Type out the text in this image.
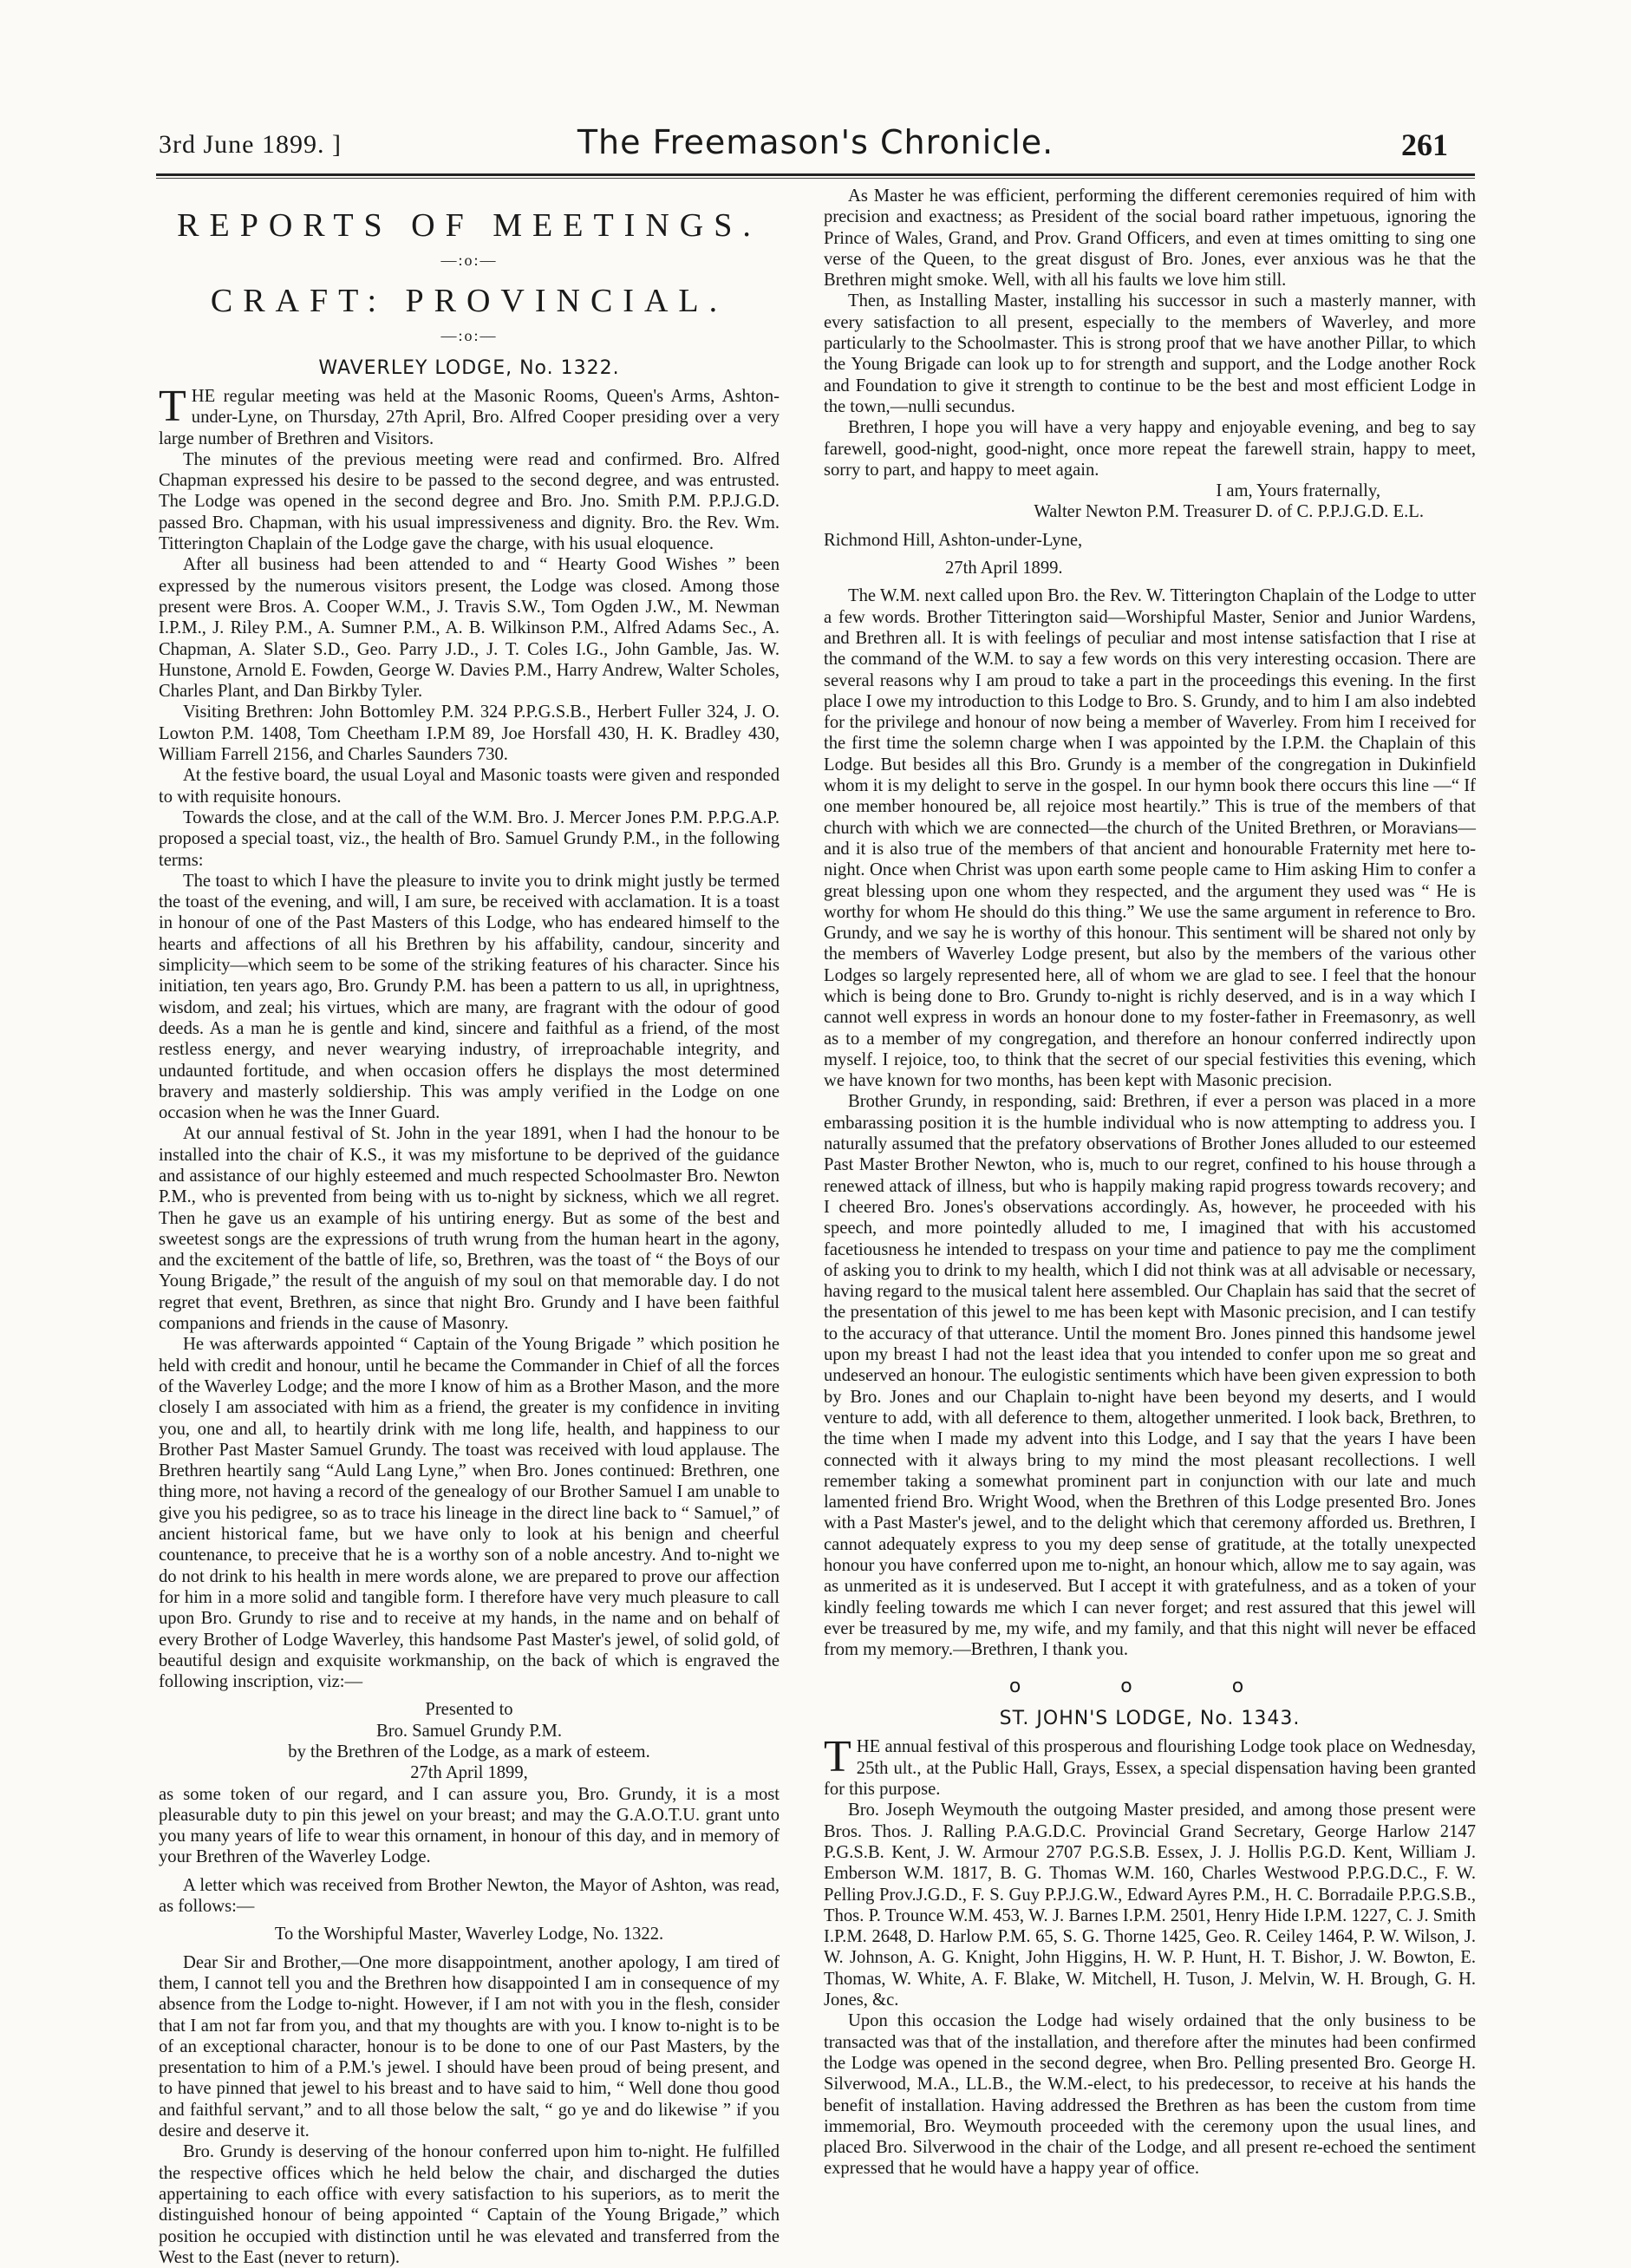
3rd June 1899. ]	The Freemason's Chronicle.	261
REPORTS OF MEETINGS.
—:o:—
CRAFT: PROVINCIAL.
—:o:—
WAVERLEY LODGE, No. 1322.

THE regular meeting was held at the Masonic Rooms, Queen's Arms, Ashton-under-Lyne, on Thursday, 27th April, Bro. Alfred Cooper presiding over a very large number of Brethren and Visitors.

The minutes of the previous meeting were read and confirmed. Bro. Alfred Chapman expressed his desire to be passed to the second degree, and was entrusted. The Lodge was opened in the second degree and Bro. Jno. Smith P.M. P.P.J.G.D. passed Bro. Chapman, with his usual impressiveness and dignity. Bro. the Rev. Wm. Titterington Chaplain of the Lodge gave the charge, with his usual eloquence.

After all business had been attended to and “ Hearty Good Wishes ” been expressed by the numerous visitors present, the Lodge was closed. Among those present were Bros. A. Cooper W.M., J. Travis S.W., Tom Ogden J.W., M. Newman I.P.M., J. Riley P.M., A. Sumner P.M., A. B. Wilkinson P.M., Alfred Adams Sec., A. Chapman, A. Slater S.D., Geo. Parry J.D., J. T. Coles I.G., John Gamble, Jas. W. Hunstone, Arnold E. Fowden, George W. Davies P.M., Harry Andrew, Walter Scholes, Charles Plant, and Dan Birkby Tyler.

Visiting Brethren: John Bottomley P.M. 324 P.P.G.S.B., Herbert Fuller 324, J. O. Lowton P.M. 1408, Tom Cheetham I.P.M 89, Joe Horsfall 430, H. K. Bradley 430, William Farrell 2156, and Charles Saunders 730.

At the festive board, the usual Loyal and Masonic toasts were given and responded to with requisite honours.

Towards the close, and at the call of the W.M. Bro. J. Mercer Jones P.M. P.P.G.A.P. proposed a special toast, viz., the health of Bro. Samuel Grundy P.M., in the following terms:

The toast to which I have the pleasure to invite you to drink might justly be termed the toast of the evening, and will, I am sure, be received with acclamation. It is a toast in honour of one of the Past Masters of this Lodge, who has endeared himself to the hearts and affections of all his Brethren by his affability, candour, sincerity and simplicity—which seem to be some of the striking features of his character. Since his initiation, ten years ago, Bro. Grundy P.M. has been a pattern to us all, in uprightness, wisdom, and zeal; his virtues, which are many, are fragrant with the odour of good deeds. As a man he is gentle and kind, sincere and faithful as a friend, of the most restless energy, and never wearying industry, of irreproachable integrity, and undaunted fortitude, and when occasion offers he displays the most determined bravery and masterly soldiership. This was amply verified in the Lodge on one occasion when he was the Inner Guard.

At our annual festival of St. John in the year 1891, when I had the honour to be installed into the chair of K.S., it was my misfortune to be deprived of the guidance and assistance of our highly esteemed and much respected Schoolmaster Bro. Newton P.M., who is prevented from being with us to-night by sickness, which we all regret. Then he gave us an example of his untiring energy. But as some of the best and sweetest songs are the expressions of truth wrung from the human heart in the agony, and the excitement of the battle of life, so, Brethren, was the toast of “ the Boys of our Young Brigade,” the result of the anguish of my soul on that memorable day. I do not regret that event, Brethren, as since that night Bro. Grundy and I have been faithful companions and friends in the cause of Masonry.

He was afterwards appointed “ Captain of the Young Brigade ” which position he held with credit and honour, until he became the Commander in Chief of all the forces of the Waverley Lodge; and the more I know of him as a Brother Mason, and the more closely I am associated with him as a friend, the greater is my confidence in inviting you, one and all, to heartily drink with me long life, health, and happiness to our Brother Past Master Samuel Grundy. The toast was received with loud applause. The Brethren heartily sang “Auld Lang Lyne,” when Bro. Jones continued: Brethren, one thing more, not having a record of the genealogy of our Brother Samuel I am unable to give you his pedigree, so as to trace his lineage in the direct line back to “ Samuel,” of ancient historical fame, but we have only to look at his benign and cheerful countenance, to preceive that he is a worthy son of a noble ancestry. And to-night we do not drink to his health in mere words alone, we are prepared to prove our affection for him in a more solid and tangible form. I therefore have very much pleasure to call upon Bro. Grundy to rise and to receive at my hands, in the name and on behalf of every Brother of Lodge Waverley, this handsome Past Master's jewel, of solid gold, of beautiful design and exquisite workmanship, on the back of which is engraved the following inscription, viz:—

Presented to

Bro. Samuel Grundy P.M.

by the Brethren of the Lodge, as a mark of esteem.

27th April 1899,

as some token of our regard, and I can assure you, Bro. Grundy, it is a most pleasurable duty to pin this jewel on your breast; and may the G.A.O.T.U. grant unto you many years of life to wear this ornament, in honour of this day, and in memory of your Brethren of the Waverley Lodge.

A letter which was received from Brother Newton, the Mayor of Ashton, was read, as follows:—

To the Worshipful Master, Waverley Lodge, No. 1322.

Dear Sir and Brother,—One more disappointment, another apology, I am tired of them, I cannot tell you and the Brethren how disappointed I am in consequence of my absence from the Lodge to-night. However, if I am not with you in the flesh, consider that I am not far from you, and that my thoughts are with you. I know to-night is to be of an exceptional character, honour is to be done to one of our Past Masters, by the presentation to him of a P.M.'s jewel. I should have been proud of being present, and to have pinned that jewel to his breast and to have said to him, “ Well done thou good and faithful servant,” and to all those below the salt, “ go ye and do likewise ” if you desire and deserve it.

Bro. Grundy is deserving of the honour conferred upon him to-night. He fulfilled the respective offices which he held below the chair, and discharged the duties appertaining to each office with every satisfaction to his superiors, as to merit the distinguished honour of being appointed “ Captain of the Young Brigade,” which position he occupied with distinction until he was elevated and transferred from the West to the East (never to return).

As Master he was efficient, performing the different ceremonies required of him with precision and exactness; as President of the social board rather impetuous, ignoring the Prince of Wales, Grand, and Prov. Grand Officers, and even at times omitting to sing one verse of the Queen, to the great disgust of Bro. Jones, ever anxious was he that the Brethren might smoke. Well, with all his faults we love him still.

Then, as Installing Master, installing his successor in such a masterly manner, with every satisfaction to all present, especially to the members of Waverley, and more particularly to the Schoolmaster. This is strong proof that we have another Pillar, to which the Young Brigade can look up to for strength and support, and the Lodge another Rock and Foundation to give it strength to continue to be the best and most efficient Lodge in the town,—nulli secundus.

Brethren, I hope you will have a very happy and enjoyable evening, and beg to say farewell, good-night, good-night, once more repeat the farewell strain, happy to meet, sorry to part, and happy to meet again.

I am, Yours fraternally,

Walter Newton P.M. Treasurer D. of C. P.P.J.G.D. E.L.

Richmond Hill, Ashton-under-Lyne,

27th April 1899.

The W.M. next called upon Bro. the Rev. W. Titterington Chaplain of the Lodge to utter a few words. Brother Titterington said—Worshipful Master, Senior and Junior Wardens, and Brethren all. It is with feelings of peculiar and most intense satisfaction that I rise at the command of the W.M. to say a few words on this very interesting occasion. There are several reasons why I am proud to take a part in the proceedings this evening. In the first place I owe my introduction to this Lodge to Bro. S. Grundy, and to him I am also indebted for the privilege and honour of now being a member of Waverley. From him I received for the first time the solemn charge when I was appointed by the I.P.M. the Chaplain of this Lodge. But besides all this Bro. Grundy is a member of the congregation in Dukinfield whom it is my delight to serve in the gospel. In our hymn book there occurs this line —“ If one member honoured be, all rejoice most heartily.” This is true of the members of that church with which we are connected—the church of the United Brethren, or Moravians—and it is also true of the members of that ancient and honourable Fraternity met here to-night. Once when Christ was upon earth some people came to Him asking Him to confer a great blessing upon one whom they respected, and the argument they used was “ He is worthy for whom He should do this thing.” We use the same argument in reference to Bro. Grundy, and we say he is worthy of this honour. This sentiment will be shared not only by the members of Waverley Lodge present, but also by the members of the various other Lodges so largely represented here, all of whom we are glad to see. I feel that the honour which is being done to Bro. Grundy to-night is richly deserved, and is in a way which I cannot well express in words an honour done to my foster-father in Freemasonry, as well as to a member of my congregation, and therefore an honour conferred indirectly upon myself. I rejoice, too, to think that the secret of our special festivities this evening, which we have known for two months, has been kept with Masonic precision.

Brother Grundy, in responding, said: Brethren, if ever a person was placed in a more embarassing position it is the humble individual who is now attempting to address you. I naturally assumed that the prefatory observations of Brother Jones alluded to our esteemed Past Master Brother Newton, who is, much to our regret, confined to his house through a renewed attack of illness, but who is happily making rapid progress towards recovery; and I cheered Bro. Jones's observations accordingly. As, however, he proceeded with his speech, and more pointedly alluded to me, I imagined that with his accustomed facetiousness he intended to trespass on your time and patience to pay me the compliment of asking you to drink to my health, which I did not think was at all advisable or necessary, having regard to the musical talent here assembled. Our Chaplain has said that the secret of the presentation of this jewel to me has been kept with Masonic precision, and I can testify to the accuracy of that utterance. Until the moment Bro. Jones pinned this handsome jewel upon my breast I had not the least idea that you intended to confer upon me so great and undeserved an honour. The eulogistic sentiments which have been given expression to both by Bro. Jones and our Chaplain to-night have been beyond my deserts, and I would venture to add, with all deference to them, altogether unmerited. I look back, Brethren, to the time when I made my advent into this Lodge, and I say that the years I have been connected with it always bring to my mind the most pleasant recollections. I well remember taking a somewhat prominent part in conjunction with our late and much lamented friend Bro. Wright Wood, when the Brethren of this Lodge presented Bro. Jones with a Past Master's jewel, and to the delight which that ceremony afforded us. Brethren, I cannot adequately express to you my deep sense of gratitude, at the totally unexpected honour you have conferred upon me to-night, an honour which, allow me to say again, was as unmerited as it is undeserved. But I accept it with gratefulness, and as a token of your kindly feeling towards me which I can never forget; and rest assured that this jewel will ever be treasured by me, my wife, and my family, and that this night will never be effaced from my memory.—Brethren, I thank you.

o o o
ST. JOHN'S LODGE, No. 1343.

THE annual festival of this prosperous and flourishing Lodge took place on Wednesday, 25th ult., at the Public Hall, Grays, Essex, a special dispensation having been granted for this purpose.

Bro. Joseph Weymouth the outgoing Master presided, and among those present were Bros. Thos. J. Ralling P.A.G.D.C. Provincial Grand Secretary, George Harlow 2147 P.G.S.B. Kent, J. W. Armour 2707 P.G.S.B. Essex, J. J. Hollis P.G.D. Kent, William J. Emberson W.M. 1817, B. G. Thomas W.M. 160, Charles Westwood P.P.G.D.C., F. W. Pelling Prov.J.G.D., F. S. Guy P.P.J.G.W., Edward Ayres P.M., H. C. Borradaile P.P.G.S.B., Thos. P. Trounce W.M. 453, W. J. Barnes I.P.M. 2501, Henry Hide I.P.M. 1227, C. J. Smith I.P.M. 2648, D. Harlow P.M. 65, S. G. Thorne 1425, Geo. R. Ceiley 1464, P. W. Wilson, J. W. Johnson, A. G. Knight, John Higgins, H. W. P. Hunt, H. T. Bishor, J. W. Bowton, E. Thomas, W. White, A. F. Blake, W. Mitchell, H. Tuson, J. Melvin, W. H. Brough, G. H. Jones, &c.

Upon this occasion the Lodge had wisely ordained that the only business to be transacted was that of the installation, and therefore after the minutes had been confirmed the Lodge was opened in the second degree, when Bro. Pelling presented Bro. George H. Silverwood, M.A., LL.B., the W.M.-elect, to his predecessor, to receive at his hands the benefit of installation. Having addressed the Brethren as has been the custom from time immemorial, Bro. Weymouth proceeded with the ceremony upon the usual lines, and placed Bro. Silverwood in the chair of the Lodge, and all present re-echoed the sentiment expressed that he would have a happy year of office.
